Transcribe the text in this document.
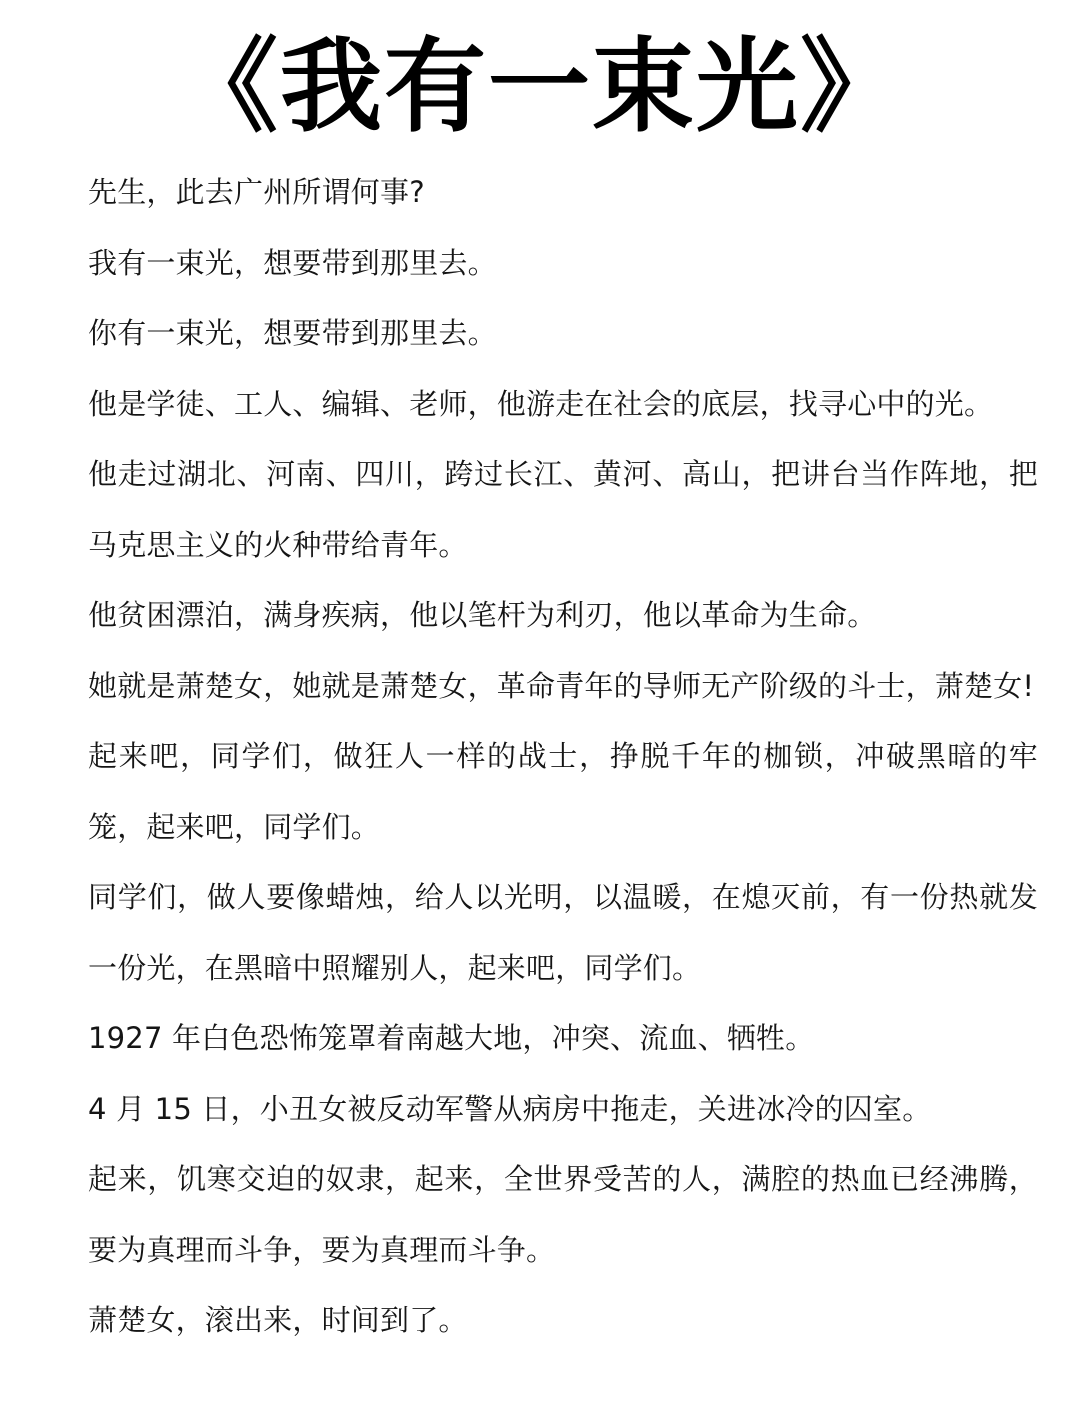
《我有一束光》

先生，此去广州所谓何事?

我有一束光，想要带到那里去。

你有一束光，想要带到那里去。

他是学徒、工人、编辑、老师，他游走在社会的底层，找寻心中的光。

他走过湖北、河南、四川，跨过长江、黄河、高山，把讲台当作阵地，把马克思主义的火种带给青年。

他贫困漂泊，满身疾病，他以笔杆为利刃，他以革命为生命。

她就是萧楚女，她就是萧楚女，革命青年的导师无产阶级的斗士，萧楚女!

起来吧，同学们，做狂人一样的战士，挣脱千年的枷锁，冲破黑暗的牢笼，起来吧，同学们。

同学们，做人要像蜡烛，给人以光明，以温暖，在熄灭前，有一份热就发一份光，在黑暗中照耀别人，起来吧，同学们。

1927 年白色恐怖笼罩着南越大地，冲突、流血、牺牲。

4 月 15 日，小丑女被反动军警从病房中拖走，关进冰冷的囚室。

起来，饥寒交迫的奴隶，起来，全世界受苦的人，满腔的热血已经沸腾，要为真理而斗争，要为真理而斗争。

萧楚女，滚出来，时间到了。
